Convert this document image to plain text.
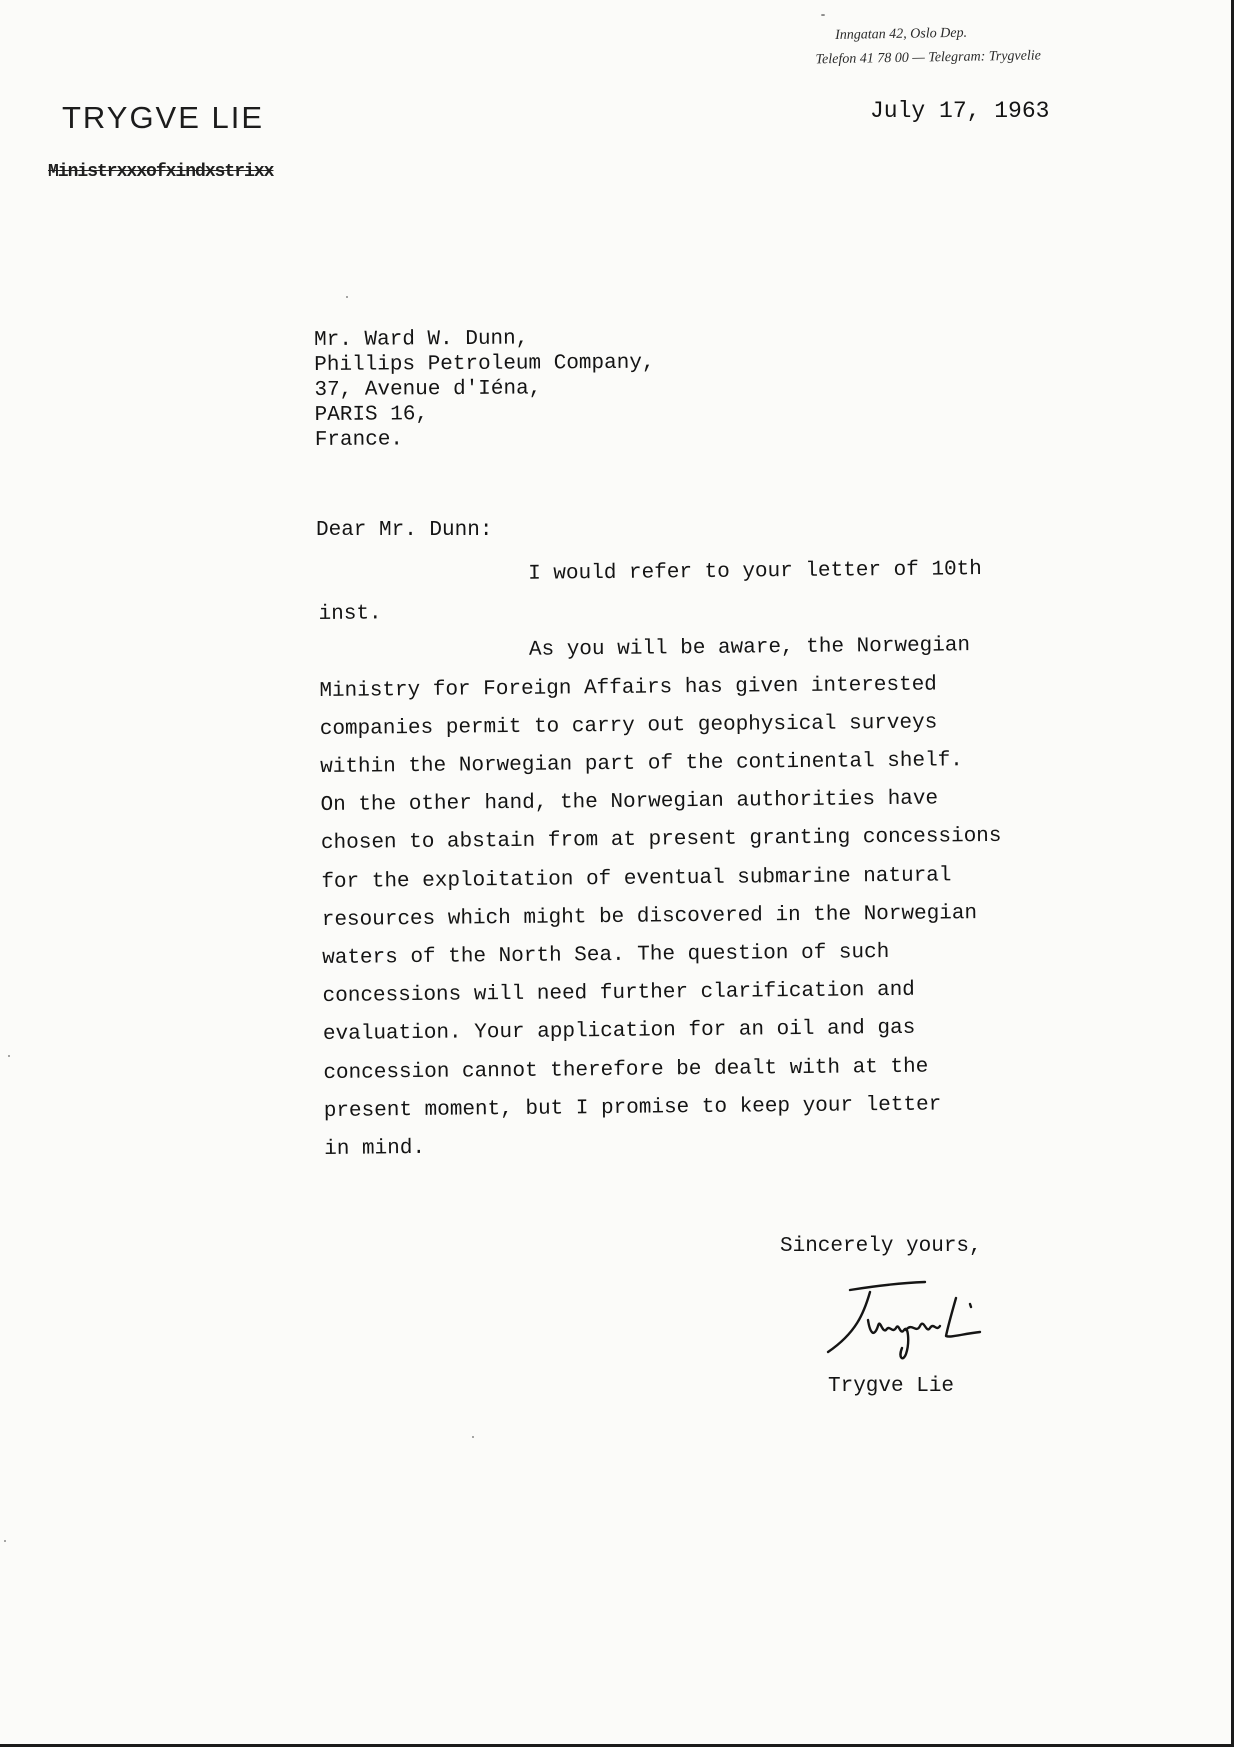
TRYGVE LIE
Inngatan 42, Oslo Dep.
Telefon 41 78 00 — Telegram: Trygvelie
July 17, 1963
Ministrxxxofxindxstrixx
Mr. Ward W. Dunn,
Phillips Petroleum Company,
37, Avenue d'Iéna,
PARIS 16,
France.
Dear Mr. Dunn:
I would refer to your letter of 10th
inst.
As you will be aware, the Norwegian
Ministry for Foreign Affairs has given interested
companies permit to carry out geophysical surveys
within the Norwegian part of the continental shelf.
On the other hand, the Norwegian authorities have
chosen to abstain from at present granting concessions
for the exploitation of eventual submarine natural
resources which might be discovered in the Norwegian
waters of the North Sea. The question of such
concessions will need further clarification and
evaluation. Your application for an oil and gas
concession cannot therefore be dealt with at the
present moment, but I promise to keep your letter
in mind.
Sincerely yours,
Trygve Lie
